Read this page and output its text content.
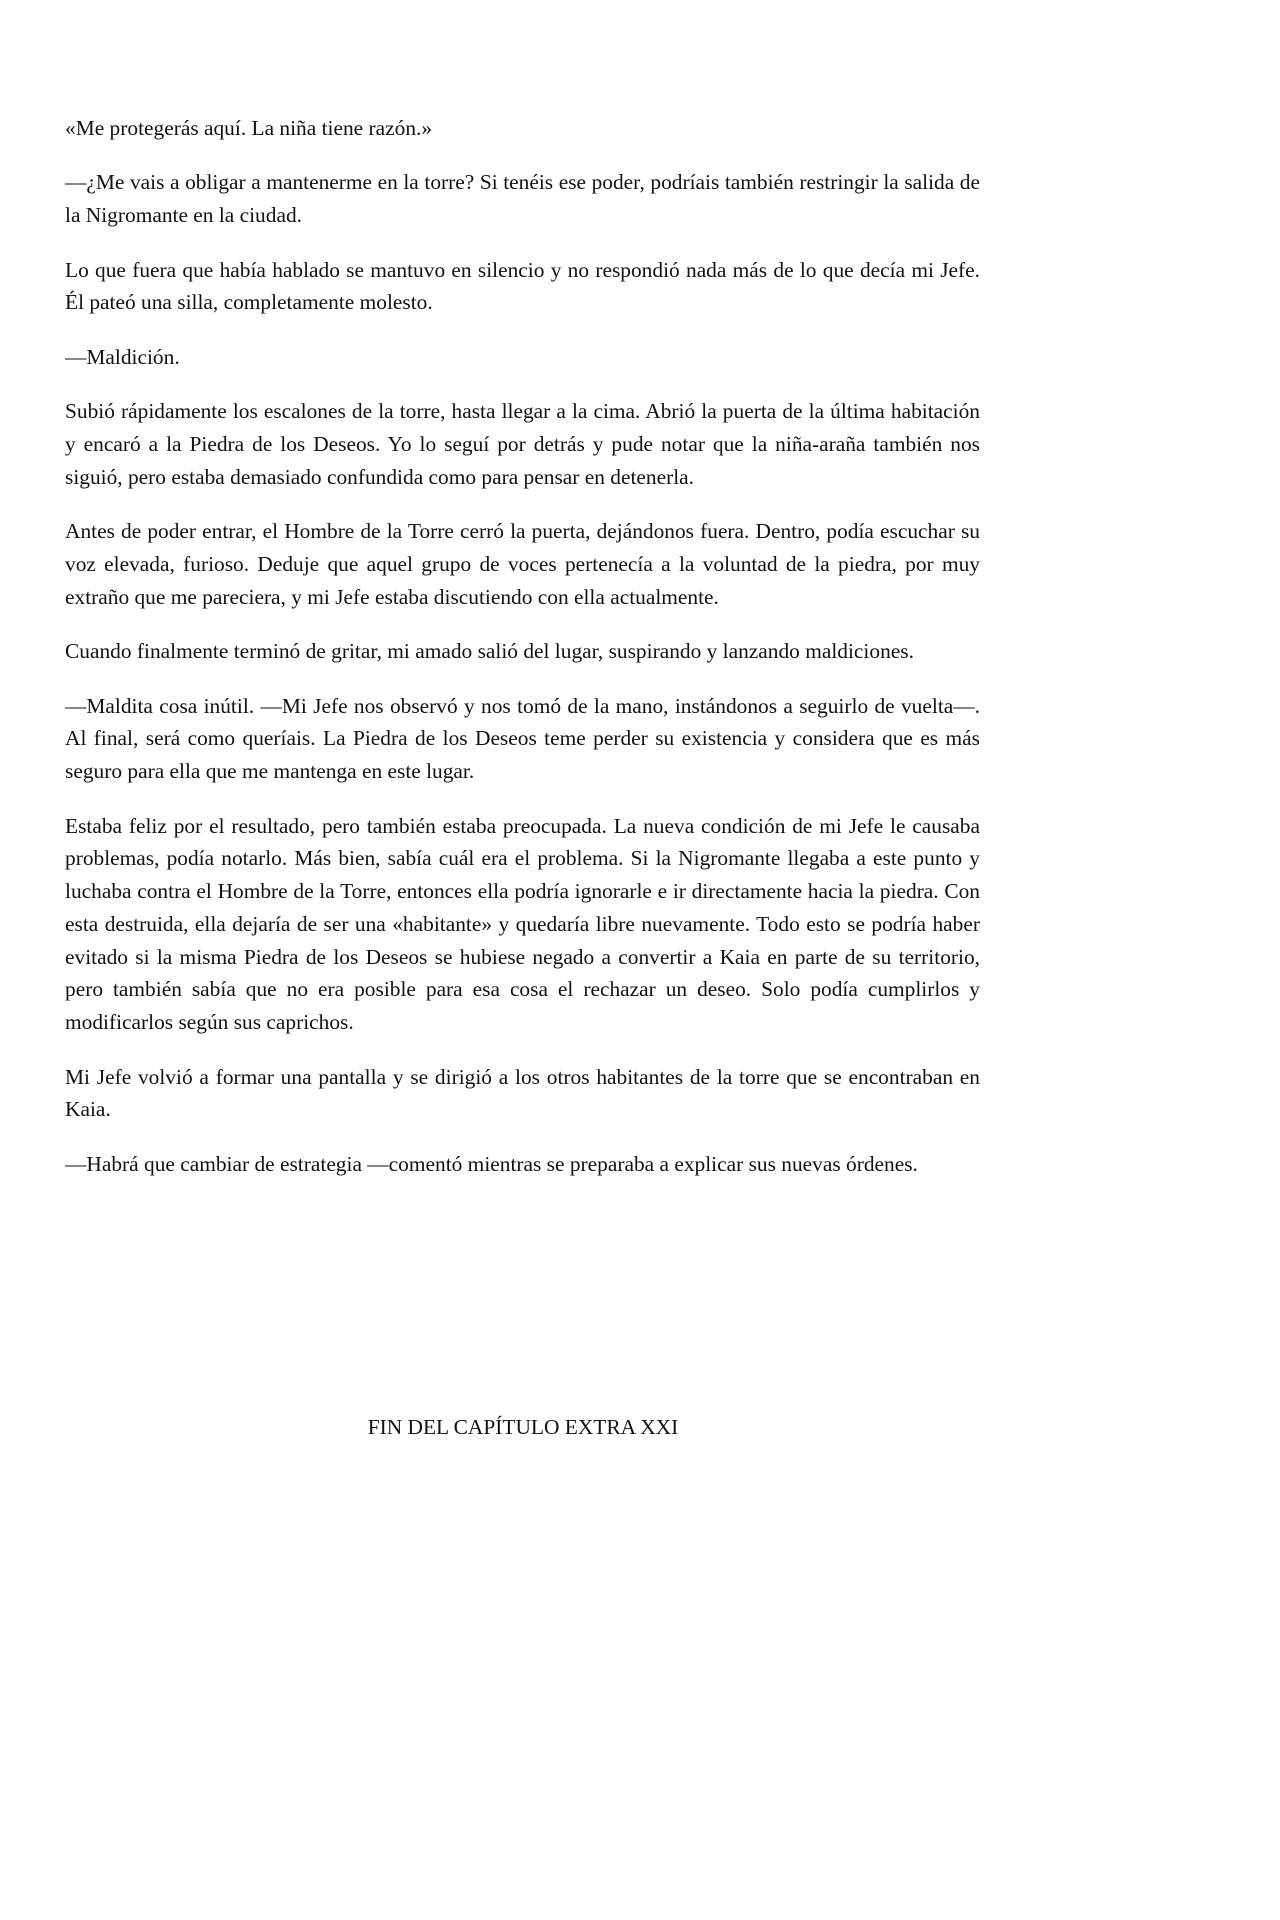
«Me protegerás aquí. La niña tiene razón.»

—¿Me vais a obligar a mantenerme en la torre? Si tenéis ese poder, podríais también restringir la salida de la Nigromante en la ciudad.

Lo que fuera que había hablado se mantuvo en silencio y no respondió nada más de lo que decía mi Jefe. Él pateó una silla, completamente molesto.

—Maldición.

Subió rápidamente los escalones de la torre, hasta llegar a la cima. Abrió la puerta de la última habitación y encaró a la Piedra de los Deseos. Yo lo seguí por detrás y pude notar que la niña-araña también nos siguió, pero estaba demasiado confundida como para pensar en detenerla.

Antes de poder entrar, el Hombre de la Torre cerró la puerta, dejándonos fuera. Dentro, podía escuchar su voz elevada, furioso. Deduje que aquel grupo de voces pertenecía a la voluntad de la piedra, por muy extraño que me pareciera, y mi Jefe estaba discutiendo con ella actualmente.

Cuando finalmente terminó de gritar, mi amado salió del lugar, suspirando y lanzando maldiciones.

—Maldita cosa inútil. —Mi Jefe nos observó y nos tomó de la mano, instándonos a seguirlo de vuelta—. Al final, será como queríais. La Piedra de los Deseos teme perder su existencia y considera que es más seguro para ella que me mantenga en este lugar.

Estaba feliz por el resultado, pero también estaba preocupada. La nueva condición de mi Jefe le causaba problemas, podía notarlo. Más bien, sabía cuál era el problema. Si la Nigromante llegaba a este punto y luchaba contra el Hombre de la Torre, entonces ella podría ignorarle e ir directamente hacia la piedra. Con esta destruida, ella dejaría de ser una «habitante» y quedaría libre nuevamente. Todo esto se podría haber evitado si la misma Piedra de los Deseos se hubiese negado a convertir a Kaia en parte de su territorio, pero también sabía que no era posible para esa cosa el rechazar un deseo. Solo podía cumplirlos y modificarlos según sus caprichos.

Mi Jefe volvió a formar una pantalla y se dirigió a los otros habitantes de la torre que se encontraban en Kaia.

—Habrá que cambiar de estrategia —comentó mientras se preparaba a explicar sus nuevas órdenes.

FIN DEL CAPÍTULO EXTRA XXI
